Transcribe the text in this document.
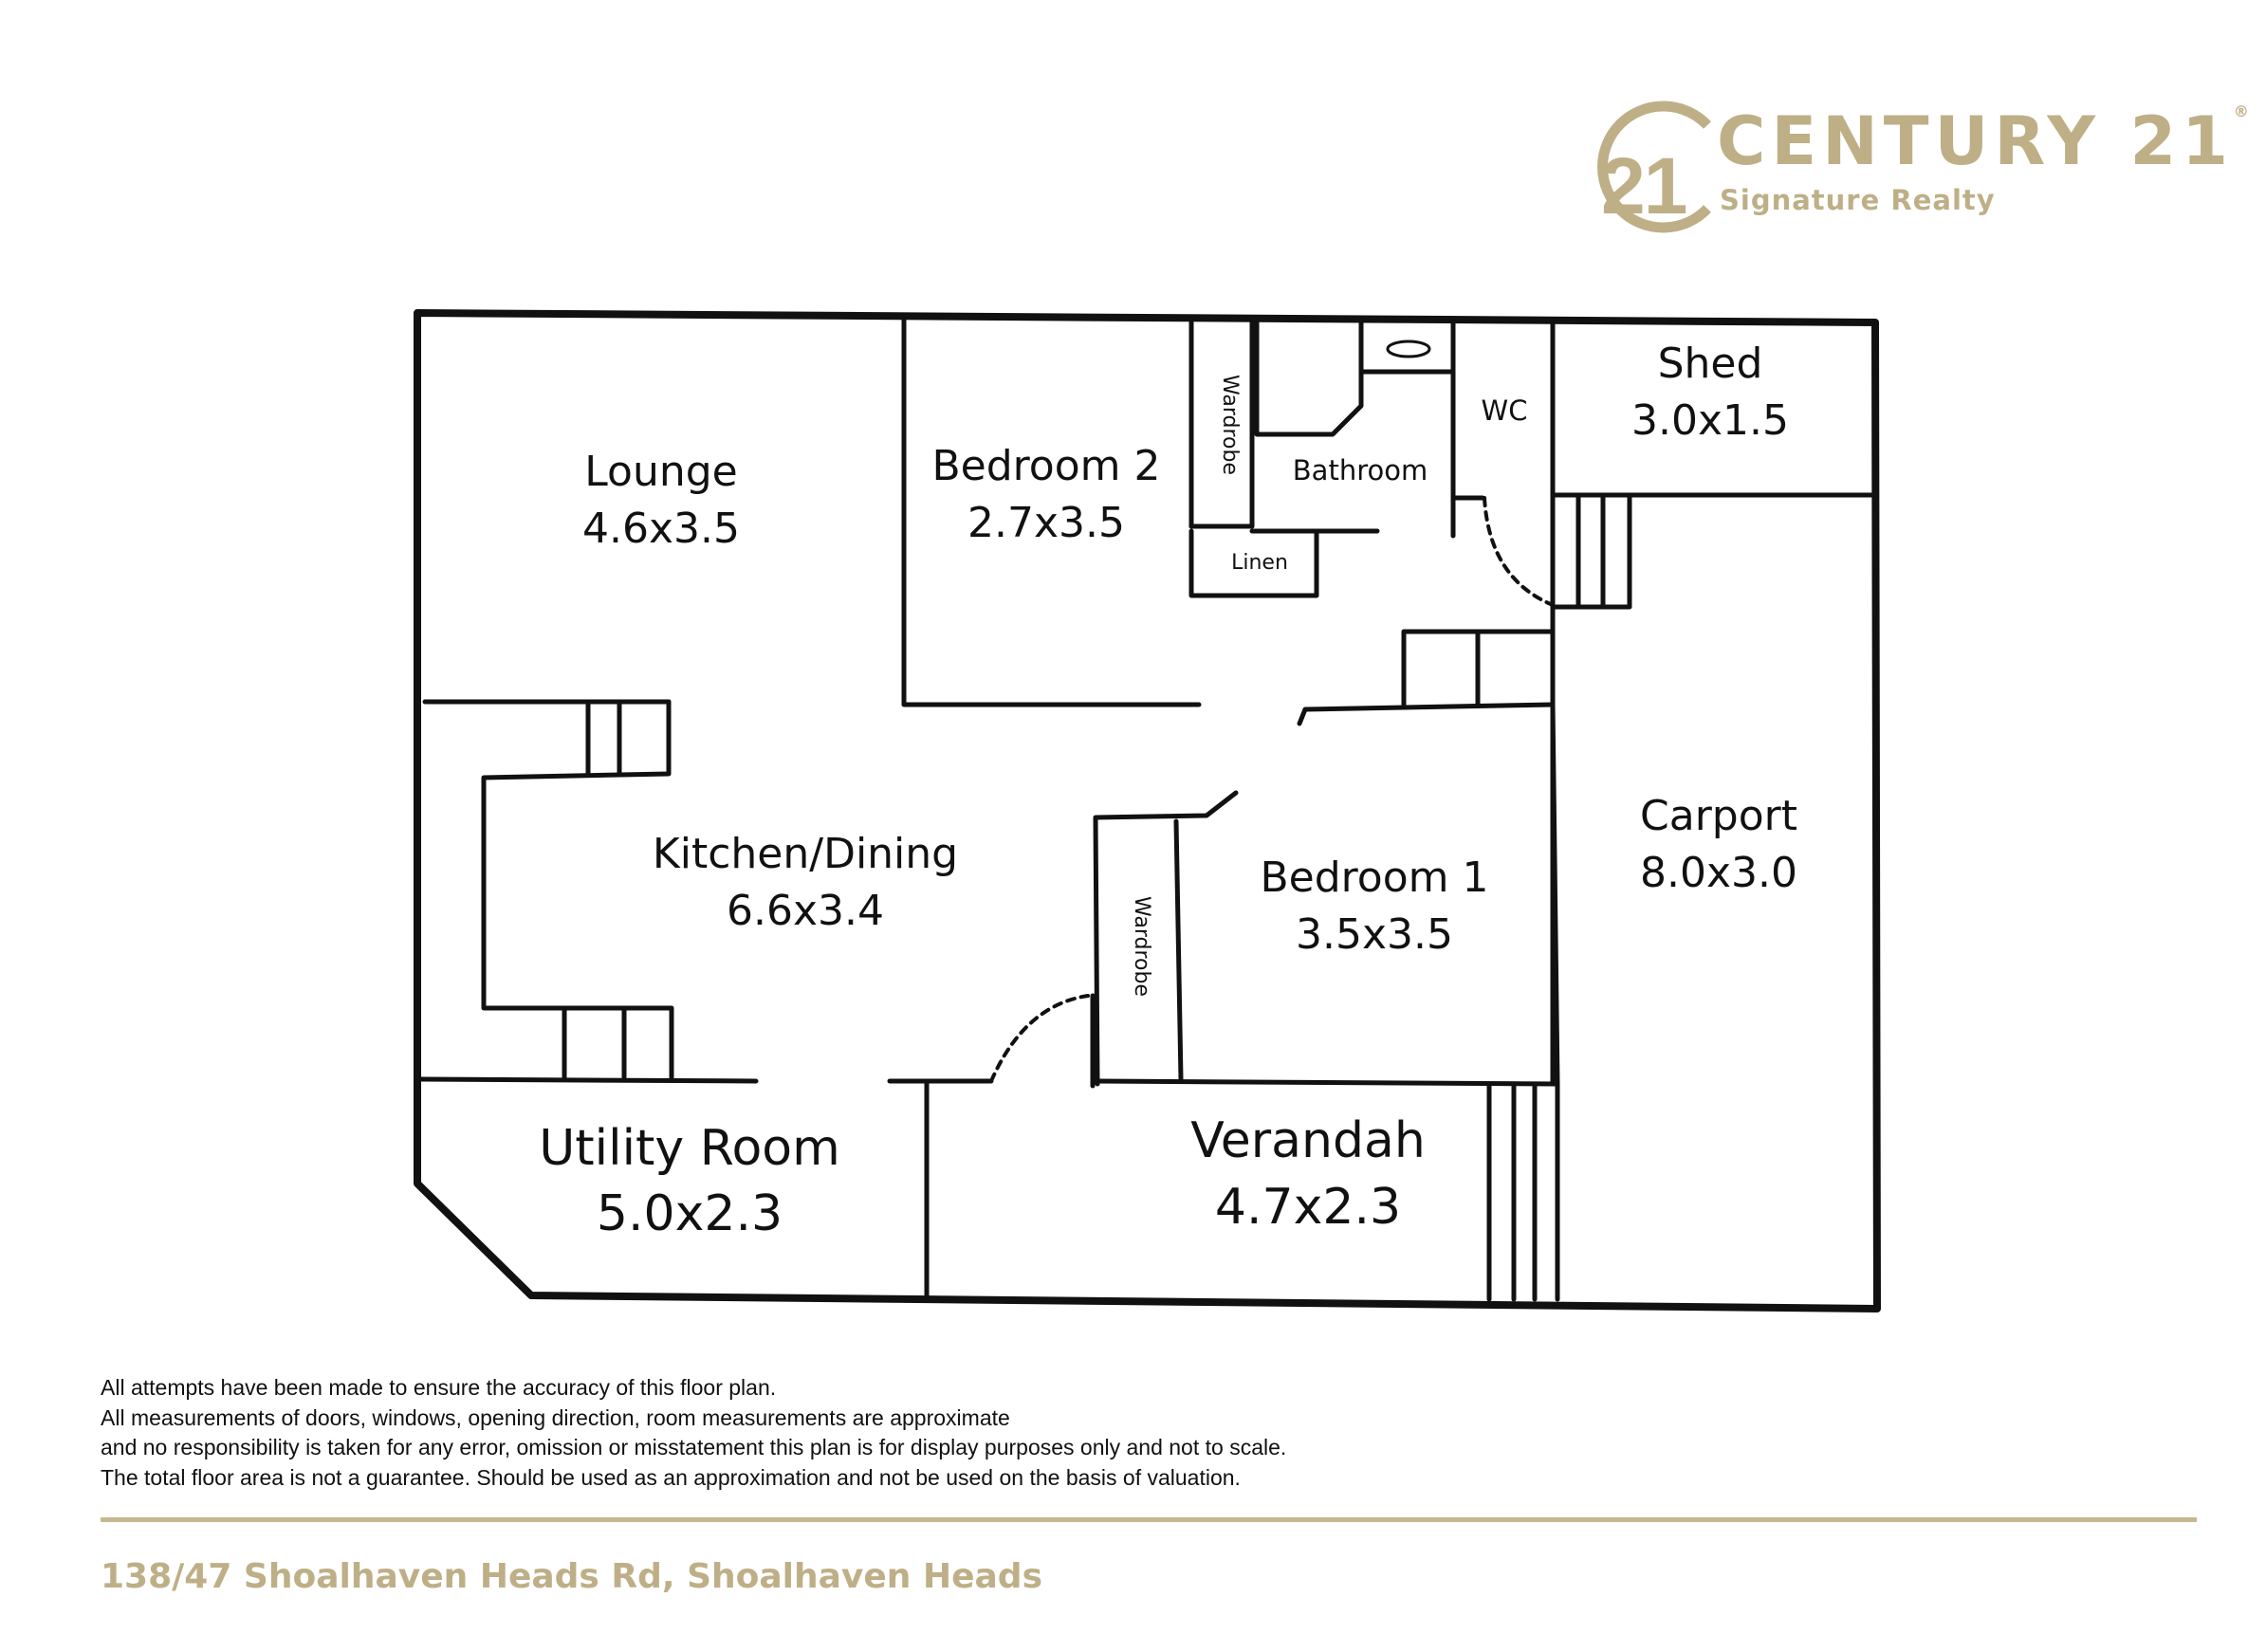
21 CENTURY 21®
Signature Realty
Lounge
4.6x3.5
Bedroom 2
2.7x3.5
Wardrobe Bathroom
WC
Linen
Shed
3.0x1.5
Kitchen/Dining
6.6x3.4	Wardrobe
Bedroom 1
3.5x3.5
Carport
8.0x3.0
Utility Room
5.0x2.3
Verandah
4.7x2.3
All attempts have been made to ensure the accuracy of this floor plan.
All measurements of doors, windows, opening direction, room measurements are approximate
and no responsibility is taken for any error, omission or misstatement this plan is for display purposes only and not to scale.
The total floor area is not a guarantee. Should be used as an approximation and not be used on the basis of valuation.
138/47 Shoalhaven Heads Rd, Shoalhaven Heads
